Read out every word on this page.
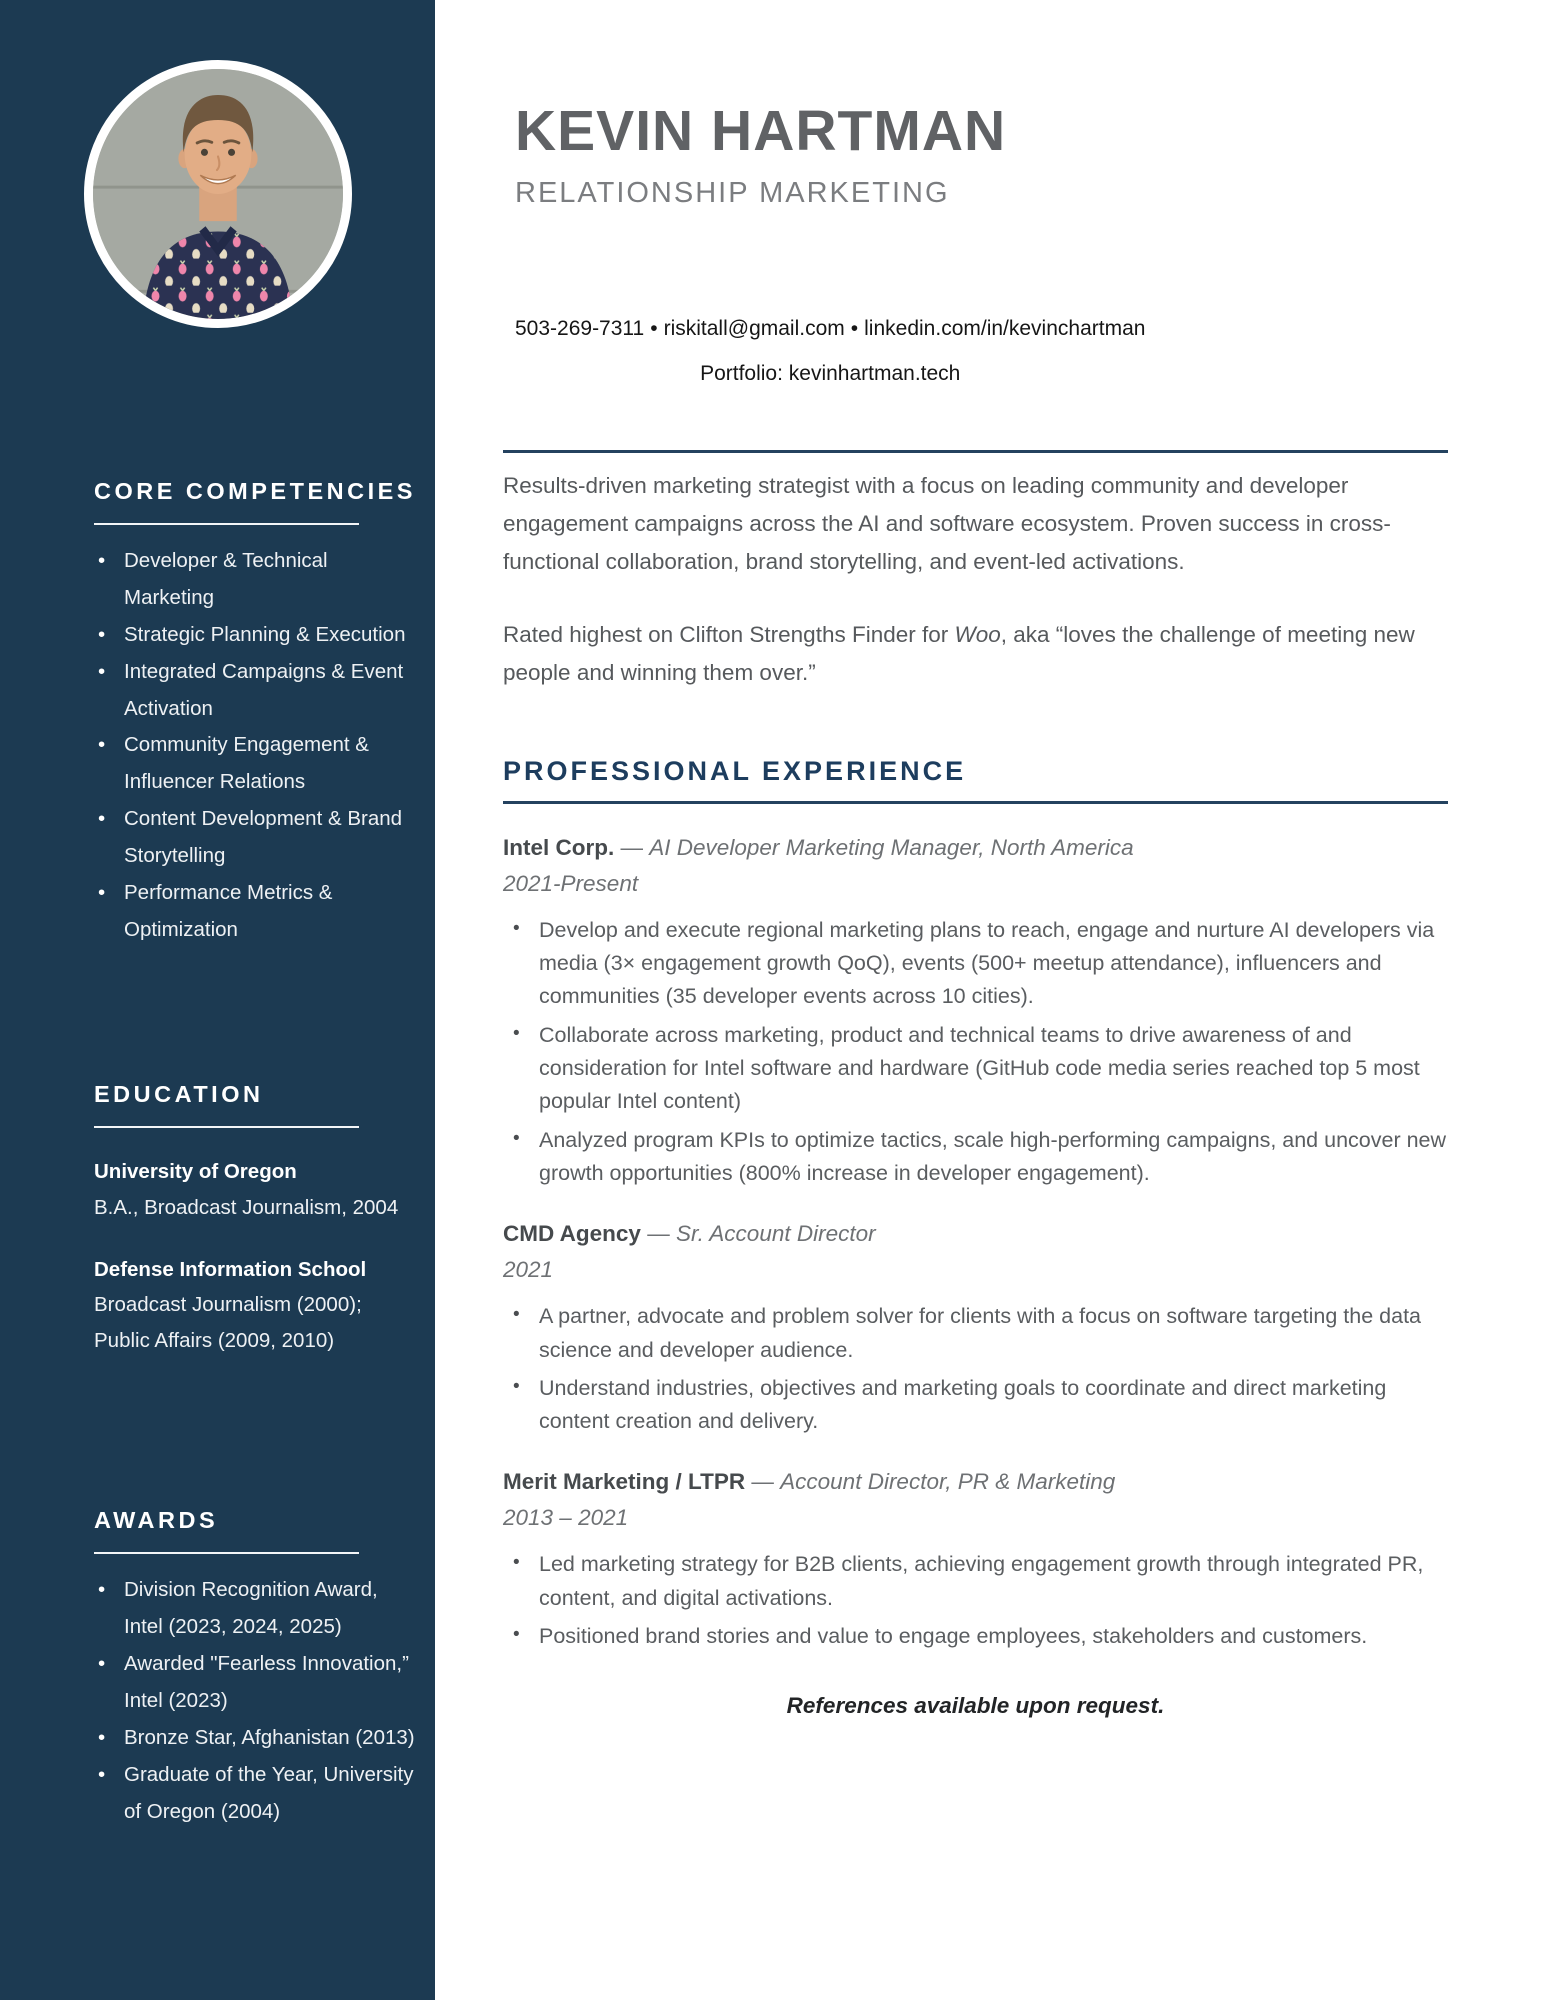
CORE COMPETENCIES
• Developer & Technical Marketing
• Strategic Planning & Execution
• Integrated Campaigns & Event Activation
• Community Engagement & Influencer Relations
• Content Development & Brand Storytelling
• Performance Metrics & Optimization
EDUCATION
University of Oregon
B.A., Broadcast Journalism, 2004
Defense Information School
Broadcast Journalism (2000); Public Affairs (2009, 2010)
AWARDS
• Division Recognition Award, Intel (2023, 2024, 2025)
• Awarded "Fearless Innovation,” Intel (2023)
• Bronze Star, Afghanistan (2013)
• Graduate of the Year, University of Oregon (2004)
KEVIN HARTMAN
RELATIONSHIP MARKETING
503-269-7311 • riskitall@gmail.com • linkedin.com/in/kevinchartman
Portfolio: kevinhartman.tech

Results-driven marketing strategist with a focus on leading community and developer engagement campaigns across the AI and software ecosystem. Proven success in cross-functional collaboration, brand storytelling, and event-led activations.

Rated highest on Clifton Strengths Finder for Woo, aka “loves the challenge of meeting new people and winning them over.”

PROFESSIONAL EXPERIENCE

Intel Corp. — AI Developer Marketing Manager, North America
2021-Present

• Develop and execute regional marketing plans to reach, engage and nurture AI developers via media (3× engagement growth QoQ), events (500+ meetup attendance), influencers and communities (35 developer events across 10 cities).
• Collaborate across marketing, product and technical teams to drive awareness of and consideration for Intel software and hardware (GitHub code media series reached top 5 most popular Intel content)
• Analyzed program KPIs to optimize tactics, scale high-performing campaigns, and uncover new growth opportunities (800% increase in developer engagement).

CMD Agency — Sr. Account Director
2021

• A partner, advocate and problem solver for clients with a focus on software targeting the data science and developer audience.
• Understand industries, objectives and marketing goals to coordinate and direct marketing content creation and delivery.

Merit Marketing / LTPR — Account Director, PR & Marketing
2013 – 2021

• Led marketing strategy for B2B clients, achieving engagement growth through integrated PR, content, and digital activations.
• Positioned brand stories and value to engage employees, stakeholders and customers.

References available upon request.
